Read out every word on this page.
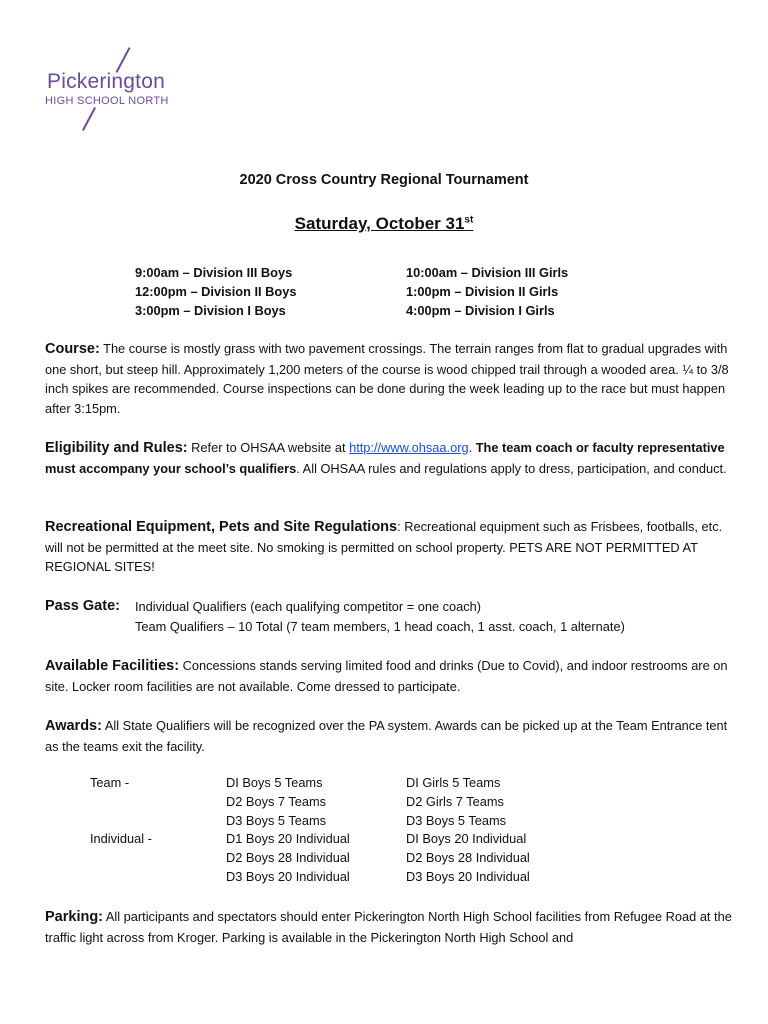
Pickerington
HIGH SCHOOL NORTH
2020 Cross Country Regional Tournament
Saturday, October 31st
9:00am – Division III Boys
12:00pm – Division II Boys
3:00pm – Division I Boys
10:00am – Division III Girls
1:00pm – Division II Girls
4:00pm – Division I Girls
Course: The course is mostly grass with two pavement crossings. The terrain ranges from flat to gradual upgrades with one short, but steep hill. Approximately 1,200 meters of the course is wood chipped trail through a wooded area. ¼ to 3/8 inch spikes are recommended. Course inspections can be done during the week leading up to the race but must happen after 3:15pm.
Eligibility and Rules: Refer to OHSAA website at http://www.ohsaa.org. The team coach or faculty representative must accompany your school’s qualifiers. All OHSAA rules and regulations apply to dress, participation, and conduct.
Recreational Equipment, Pets and Site Regulations: Recreational equipment such as Frisbees, footballs, etc. will not be permitted at the meet site. No smoking is permitted on school property. PETS ARE NOT PERMITTED AT REGIONAL SITES!
Pass Gate:	Individual Qualifiers (each qualifying competitor = one coach)
Team Qualifiers – 10 Total (7 team members, 1 head coach, 1 asst. coach, 1 alternate)
Available Facilities: Concessions stands serving limited food and drinks (Due to Covid), and indoor restrooms are on site. Locker room facilities are not available. Come dressed to participate.
Awards: All State Qualifiers will be recognized over the PA system. Awards can be picked up at the Team Entrance tent as the teams exit the facility.
Team -
Individual -
DI Boys 5 Teams
D2 Boys 7 Teams
D3 Boys 5 Teams
D1 Boys 20 Individual
D2 Boys 28 Individual
D3 Boys 20 Individual
DI Girls 5 Teams
D2 Girls 7 Teams
D3 Boys 5 Teams
DI Boys 20 Individual
D2 Boys 28 Individual
D3 Boys 20 Individual
Parking: All participants and spectators should enter Pickerington North High School facilities from Refugee Road at the traffic light across from Kroger. Parking is available in the Pickerington North High School and
